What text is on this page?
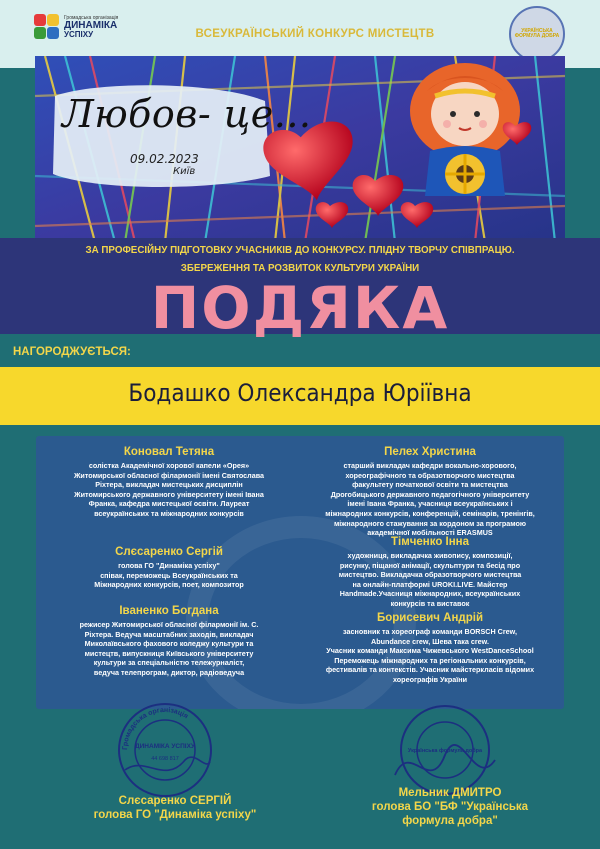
Громадська організація
ДИНАМІКА
УСПІХУ	ВСЕУКРАЇНСЬКИЙ КОНКУРС МИСТЕЦТВ	УКРАЇНСЬКА ФОРМУЛА ДОБРА
Любов- це...
09.02.2023
Київ
ЗА ПРОФЕСІЙНУ ПІДГОТОВКУ УЧАСНИКІВ ДО КОНКУРСУ. ПЛІДНУ ТВОРЧУ СПІВПРАЦЮ.
ЗБЕРЕЖЕННЯ ТА РОЗВИТОК КУЛЬТУРИ УКРАЇНИ
ПОДЯКА
НАГОРОДЖУЄТЬСЯ:
Бодашко Олександра Юріївна
Коновал Тетяна
солістка Академічної хорової капели «Орея»
Житомирської обласної філармонії імені Святослава
Ріхтера, викладач мистецьких дисциплін
Житомирського державного університету імені Івана
Франка, кафедра мистецької освіти. Лауреат
всеукраїнських та міжнародних конкурсів
Слєсаренко Сергій
голова ГО "Динаміка успіху"
співак, переможець Всеукраїнських та
Міжнародних конкурсів, поет, композитор
Іваненко Богдана
режисер Житомирської обласної філармонії ім. С.
Ріхтера. Ведуча масштабних заходів, викладач
Миколаївського фахового коледжу культури та
мистецтв, випускниця Київського університету
культури за спеціальністю тележурналіст,
ведуча телепрограм, диктор, радіоведуча
Пелех Христина
старший викладач кафедри вокально-хорового,
хореографічного та образотворчого мистецтва
факультету початкової освіти та мистецтва
Дрогобицького державного педагогічного університету
імені Івана Франка, учасниця всеукраїнських і
міжнародних конкурсів, конференцій, семінарів, тренінгів,
міжнародного стажування за кордоном за програмою
академічної мобільності ERASMUS
Тімченко Інна
художниця, викладачка живопису, композиції,
рисунку, піщаної анімації, скульптури та бесід про
мистецтво. Викладачка образотворчого мистецтва
на онлайн-платформі UROKI.LIVE. Майстер
Handmade.Учасниця міжнародних, всеукраїнських
конкурсів та виставок
Борисевич Андрій
засновник та хореограф команди BORSCH Crew,
Abundance crew, Шева така crew.
Учасник команди Максима Чижевського WestDanceSchool
Переможець міжнародних та регіональних конкурсів,
фестивалів та контекстів. Учасник майстеркласів відомих
хореографів України
Громадська організація
ДИНАМІКА УСПІХУ
44 698 817
Українська формула добра
Слєсаренко СЕРГІЙ
голова ГО "Динаміка успіху"
Мельник ДМИТРО
голова БО "БФ "Українська
формула добра"
